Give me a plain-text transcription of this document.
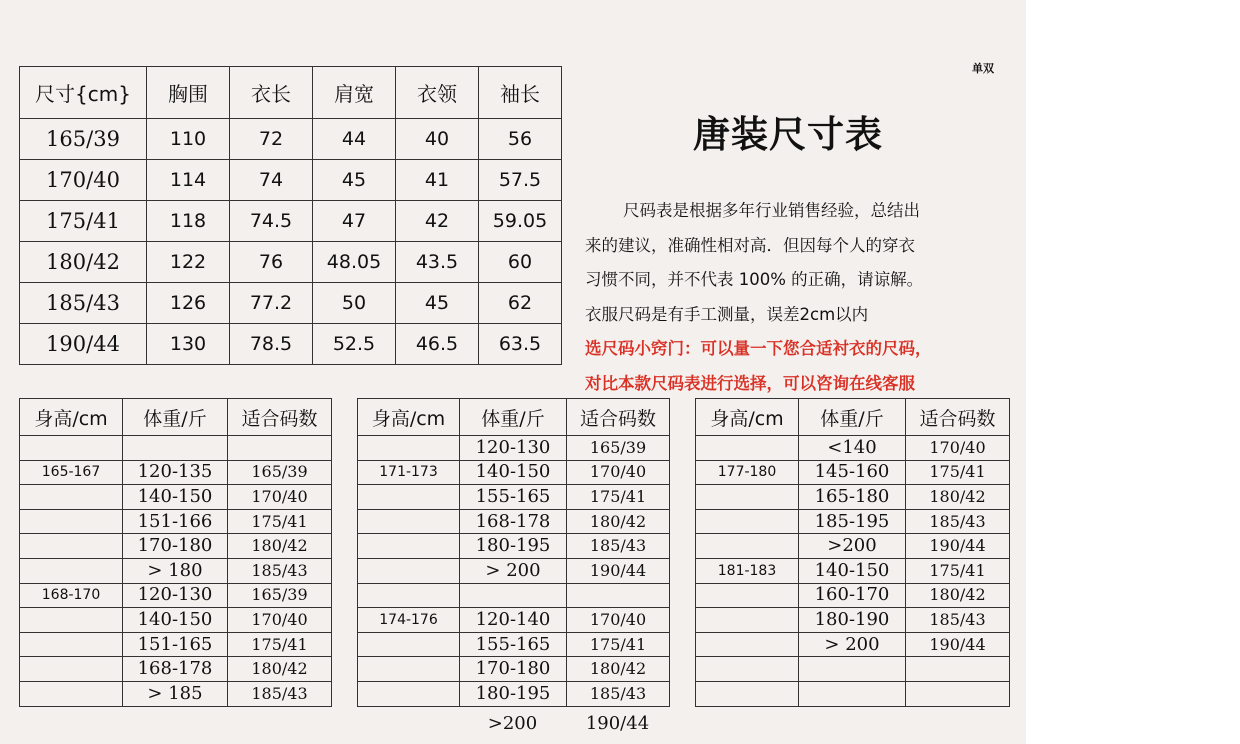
单双
尺寸{cm}	胸围	衣长	肩宽	衣领	袖长
165/39	110	72	44	40	56
170/40	114	74	45	41	57.5
175/41	118	74.5	47	42	59.05
180/42	122	76	48.05	43.5	60
185/43	126	77.2	50	45	62
190/44	130	78.5	52.5	46.5	63.5
唐装尺寸表
尺码表是根据多年行业销售经验，总结出
来的建议，准确性相对高．但因每个人的穿衣
习惯不同，并不代表 100% 的正确，请谅解。
衣服尺码是有手工测量，误差2cm以内
选尺码小窍门：可以量一下您合适衬衣的尺码，
对比本款尺码表进行选择，可以咨询在线客服
身高/cm	体重/斤	适合码数

165-167	120-135	165/39
	140-150	170/40
	151-166	175/41
	170-180	180/42
	> 180	185/43
168-170	120-130	165/39
	140-150	170/40
	151-165	175/41
	168-178	180/42
	> 185	185/43
身高/cm	体重/斤	适合码数
	120-130	165/39
171-173	140-150	170/40
	155-165	175/41
	168-178	180/42
	180-195	185/43
	> 200	190/44

174-176	120-140	170/40
	155-165	175/41
	170-180	180/42
	180-195	185/43
身高/cm	体重/斤	适合码数
	<140	170/40
177-180	145-160	175/41
	165-180	180/42
	185-195	185/43
	>200	190/44
181-183	140-150	175/41
	160-170	180/42
	180-190	185/43
	> 200	190/44

>200	190/44
